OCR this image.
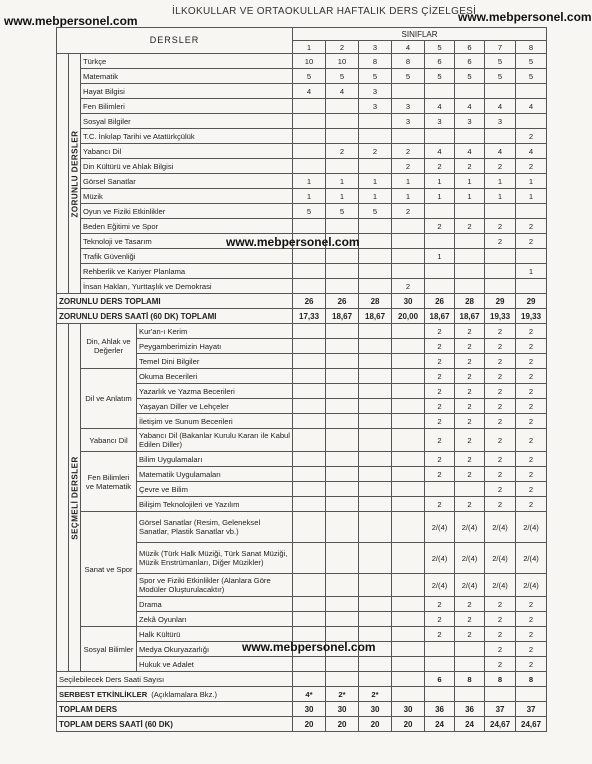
www.mebpersonel.com	www.mebpersonel.com
İLKOKULLAR VE ORTAOKULLAR HAFTALIK DERS ÇİZELGESİ
DERSLER				SINIFLAR							
				1	2	3	4	5	6	7	8

	ZORUNLU DERSLER	Türkçe		10	10	8	8	6	6	5	5
		Matematik		5	5	5	5	5	5	5	5
		Hayat Bilgisi		4	4	3					
		Fen Bilimleri				3	3	4	4	4	4
		Sosyal Bilgiler					3	3	3	3	
		T.C. İnkılap Tarihi ve Atatürkçülük									2
		Yabancı Dil			2	2	2	4	4	4	4
		Din Kültürü ve Ahlak Bilgisi					2	2	2	2	2
		Görsel Sanatlar		1	1	1	1	1	1	1	1
		Müzik		1	1	1	1	1	1	1	1
		Oyun ve Fiziki Etkinlikler		5	5	5	2				
		Beden Eğitimi ve Spor						2	2	2	2
		Teknoloji ve Tasarım								2	2
		Trafik Güvenliği						1			
		Rehberlik ve Kariyer Planlama									1
		İnsan Hakları, Yurttaşlık ve Demokrasi					2				
ZORUNLU DERS TOPLAMI				26	26	28	30	26	28	29	29
ZORUNLU DERS SAATİ (60 DK) TOPLAMI				17,33	18,67	18,67	20,00	18,67	18,67	19,33	19,33

	SEÇMELİ DERSLER	Din, Ahlak ve Değerler	Kur'an-ı Kerim					2	2	2	2
			Peygamberimizin Hayatı					2	2	2	2
			Temel Dini Bilgiler					2	2	2	2
		Dil ve Anlatım	Okuma Becerileri					2	2	2	2
			Yazarlık ve Yazma Becerileri					2	2	2	2
			Yaşayan Diller ve Lehçeler					2	2	2	2
			İletişim ve Sunum Becerileri					2	2	2	2
		Yabancı Dil	Yabancı Dil (Bakanlar Kurulu Kararı ile Kabul Edilen Diller)					2	2	2	2
		Fen Bilimleri ve Matematik	Bilim Uygulamaları					2	2	2	2
			Matematik Uygulamaları					2	2	2	2
			Çevre ve Bilim							2	2
			Bilişim Teknolojileri ve Yazılım					2	2	2	2
		Sanat ve Spor	Görsel Sanatlar (Resim, Geleneksel Sanatlar, Plastik Sanatlar vb.)					2/(4)	2/(4)	2/(4)	2/(4)
			Müzik (Türk Halk Müziği, Türk Sanat Müziği, Müzik Enstrümanları, Diğer Müzikler)					2/(4)	2/(4)	2/(4)	2/(4)
			Spor ve Fiziki Etkinlikler (Alanlara Göre Modüler Oluşturulacaktır)					2/(4)	2/(4)	2/(4)	2/(4)
			Drama					2	2	2	2
			Zekâ Oyunları					2	2	2	2
		Sosyal Bilimler	Halk Kültürü					2	2	2	2
			Medya Okuryazarlığı							2	2
			Hukuk ve Adalet							2	2
Seçilebilecek Ders Saati Sayısı								6	8	8	8
SERBEST ETKİNLİKLER (Açıklamalara Bkz.)				4*	2*	2*					
TOPLAM DERS				30	30	30	30	36	36	37	37
TOPLAM DERS SAATİ (60 DK)				20	20	20	20	24	24	24,67	24,67
www.mebpersonel.com
www.mebpersonel.com
